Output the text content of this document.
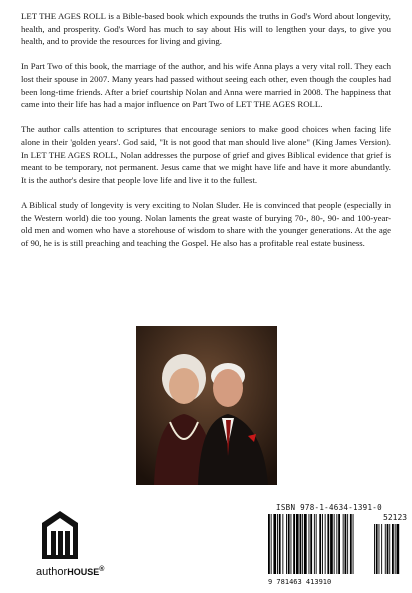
LET THE AGES ROLL is a Bible-based book which expounds the truths in God's Word about longevity, health, and prosperity. God's Word has much to say about His will to lengthen your days, to give you health, and to provide the resources for living and giving.

In Part Two of this book, the marriage of the author, and his wife Anna plays a very vital roll. They each lost their spouse in 2007. Many years had passed without seeing each other, even though the couples had been long-time friends. After a brief courtship Nolan and Anna were married in 2008. The happiness that came into their life has had a major influence on Part Two of LET THE AGES ROLL.

The author calls attention to scriptures that encourage seniors to make good choices when facing life alone in their 'golden years'. God said, "It is not good that man should live alone" (King James Version). In LET THE AGES ROLL, Nolan addresses the purpose of grief and gives Biblical evidence that grief is meant to be temporary, not permanent. Jesus came that we might have life and have it more abundantly. It is the author's desire that people love life and live it to the fullest.

A Biblical study of longevity is very exciting to Nolan Sluder. He is convinced that people (especially in the Western world) die too young. Nolan laments the great waste of burying 70-, 80-, 90- and 100-year-old men and women who have a storehouse of wisdom to share with the younger generations. At the age of 90, he is is still preaching and teaching the Gospel. He also has a profitable real estate business.

authorHOUSE®
ISBN 978-1-4634-1391-0
52123
9 781463 413910
